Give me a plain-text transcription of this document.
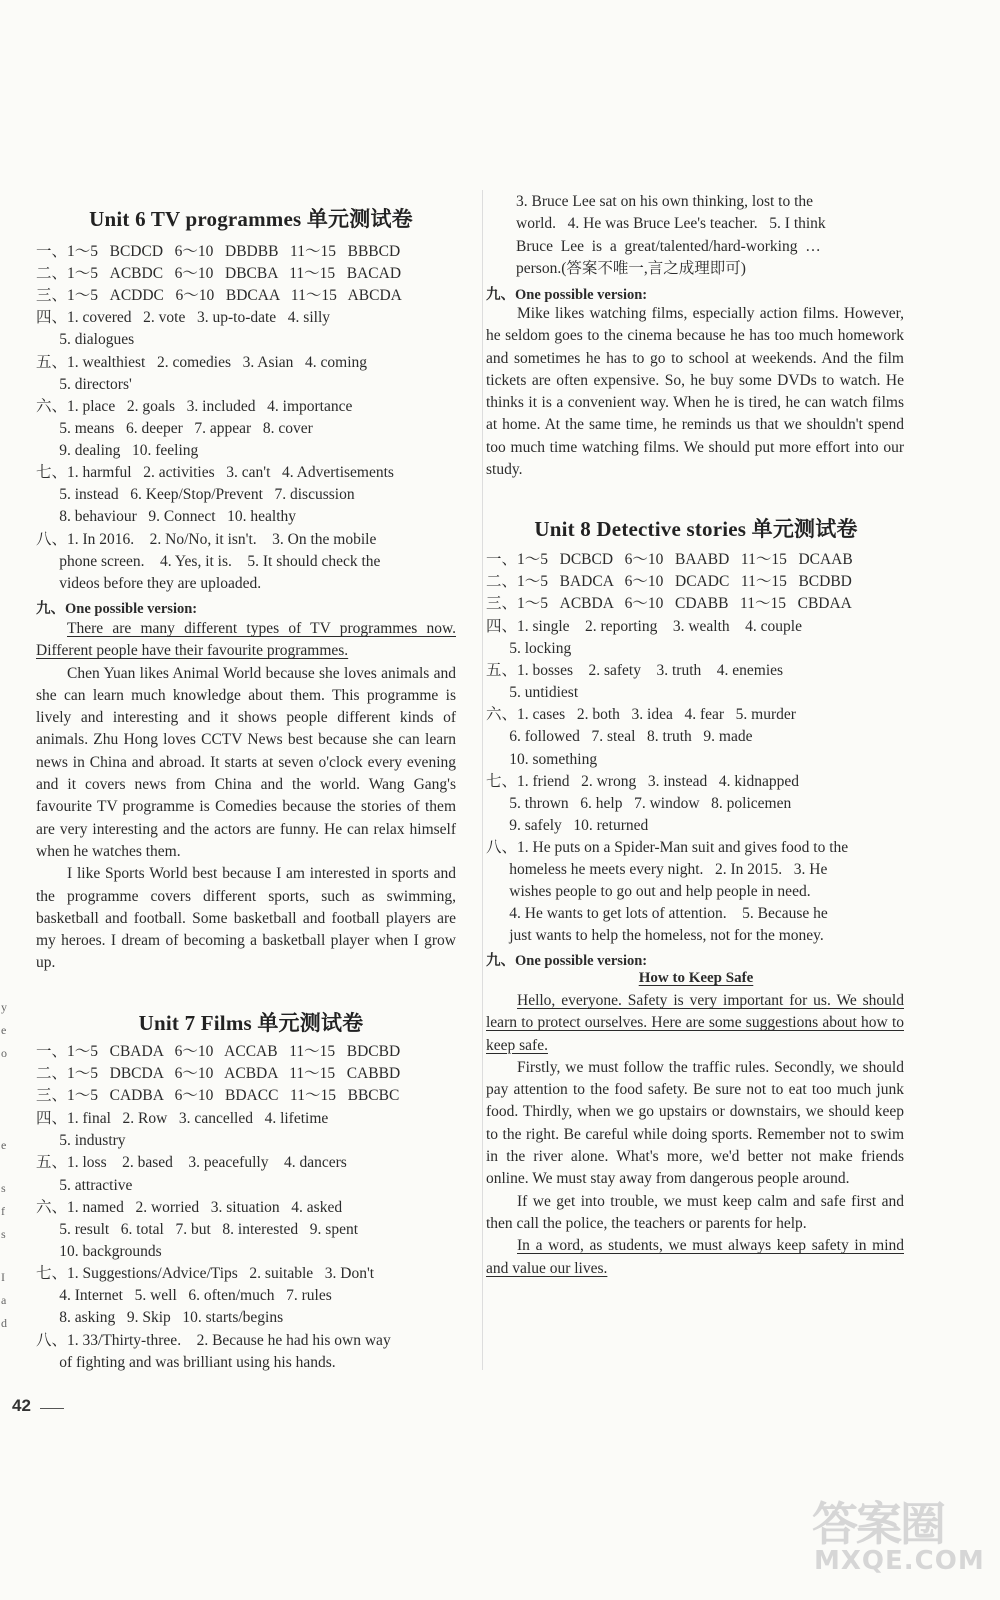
y
e
o
e
s
f
s
I
a
d
Unit 6 TV programmes 单元测试卷
一、1～5   BCDCD   6～10   DBDBB   11～15   BBBCD
二、1～5   ACBDC   6～10   DBCBA   11～15   BACAD
三、1～5   ACDDC   6～10   BDCAA   11～15   ABCDA
四、1. covered   2. vote   3. up-to-date   4. silly
5. dialogues
五、1. wealthiest   2. comedies   3. Asian   4. coming
5. directors'
六、1. place   2. goals   3. included   4. importance
5. means   6. deeper   7. appear   8. cover
9. dealing   10. feeling
七、1. harmful   2. activities   3. can't   4. Advertisements
5. instead   6. Keep/Stop/Prevent   7. discussion
8. behaviour   9. Connect   10. healthy
八、1. In 2016.    2. No/No, it isn't.    3. On the mobile
phone screen.    4. Yes, it is.    5. It should check the
videos before they are uploaded.
九、One possible version:

There are many different types of TV programmes now. Different people have their favourite programmes.

Chen Yuan likes Animal World because she loves animals and she can learn much knowledge about them. This programme is lively and interesting and it shows people different kinds of animals. Zhu Hong loves CCTV News best because she can learn news in China and abroad. It starts at seven o'clock every evening and it covers news from China and the world. Wang Gang's favourite TV programme is Comedies because the stories of them are very interesting and the actors are funny. He can relax himself when he watches them.

I like Sports World best because I am interested in sports and the programme covers different sports, such as swimming, basketball and football. Some basketball and football players are my heroes. I dream of becoming a basketball player when I grow up.

Unit 7 Films 单元测试卷
一、1～5   CBADA   6～10   ACCAB   11～15   BDCBD
二、1～5   DBCDA   6～10   ACBDA   11～15   CABBD
三、1～5   CADBA   6～10   BDACC   11～15   BBCBC
四、1. final   2. Row   3. cancelled   4. lifetime
5. industry
五、1. loss    2. based    3. peacefully    4. dancers
5. attractive
六、1. named   2. worried   3. situation   4. asked
5. result   6. total   7. but   8. interested   9. spent
10. backgrounds
七、1. Suggestions/Advice/Tips   2. suitable   3. Don't
4. Internet   5. well   6. often/much   7. rules
8. asking   9. Skip   10. starts/begins
八、1. 33/Thirty-three.    2. Because he had his own way
of fighting and was brilliant using his hands.
3. Bruce Lee sat on his own thinking, lost to the
world.   4. He was Bruce Lee's teacher.   5. I think
Bruce  Lee  is  a  great/talented/hard-working  …
person.(答案不唯一,言之成理即可)
九、One possible version:

Mike likes watching films, especially action films. However, he seldom goes to the cinema because he has too much homework and sometimes he has to go to school at weekends. And the film tickets are often expensive. So, he buy some DVDs to watch. He thinks it is a convenient way. When he is tired, he can watch films at home. At the same time, he reminds us that we shouldn't spend too much time watching films. We should put more effort into our study.

Unit 8 Detective stories 单元测试卷
一、1～5   DCBCD   6～10   BAABD   11～15   DCAAB
二、1～5   BADCA   6～10   DCADC   11～15   BCDBD
三、1～5   ACBDA   6～10   CDABB   11～15   CBDAA
四、1. single    2. reporting    3. wealth    4. couple
5. locking
五、1. bosses    2. safety    3. truth    4. enemies
5. untidiest
六、1. cases   2. both   3. idea   4. fear   5. murder
6. followed   7. steal   8. truth   9. made
10. something
七、1. friend   2. wrong   3. instead   4. kidnapped
5. thrown   6. help   7. window   8. policemen
9. safely   10. returned
八、1. He puts on a Spider-Man suit and gives food to the
homeless he meets every night.   2. In 2015.   3. He
wishes people to go out and help people in need.
4. He wants to get lots of attention.    5. Because he
just wants to help the homeless, not for the money.
九、One possible version:
How to Keep Safe

Hello, everyone. Safety is very important for us. We should learn to protect ourselves. Here are some suggestions about how to keep safe.

Firstly, we must follow the traffic rules. Secondly, we should pay attention to the food safety. Be sure not to eat too much junk food. Thirdly, when we go upstairs or downstairs, we should keep to the right. Be careful while doing sports. Remember not to swim in the river alone. What's more, we'd better not make friends online. We must stay away from dangerous people around.

If we get into trouble, we must keep calm and safe first and then call the police, the teachers or parents for help.

In a word, as students, we must always keep safety in mind and value our lives.

42
答案圈
MXQE.COM
